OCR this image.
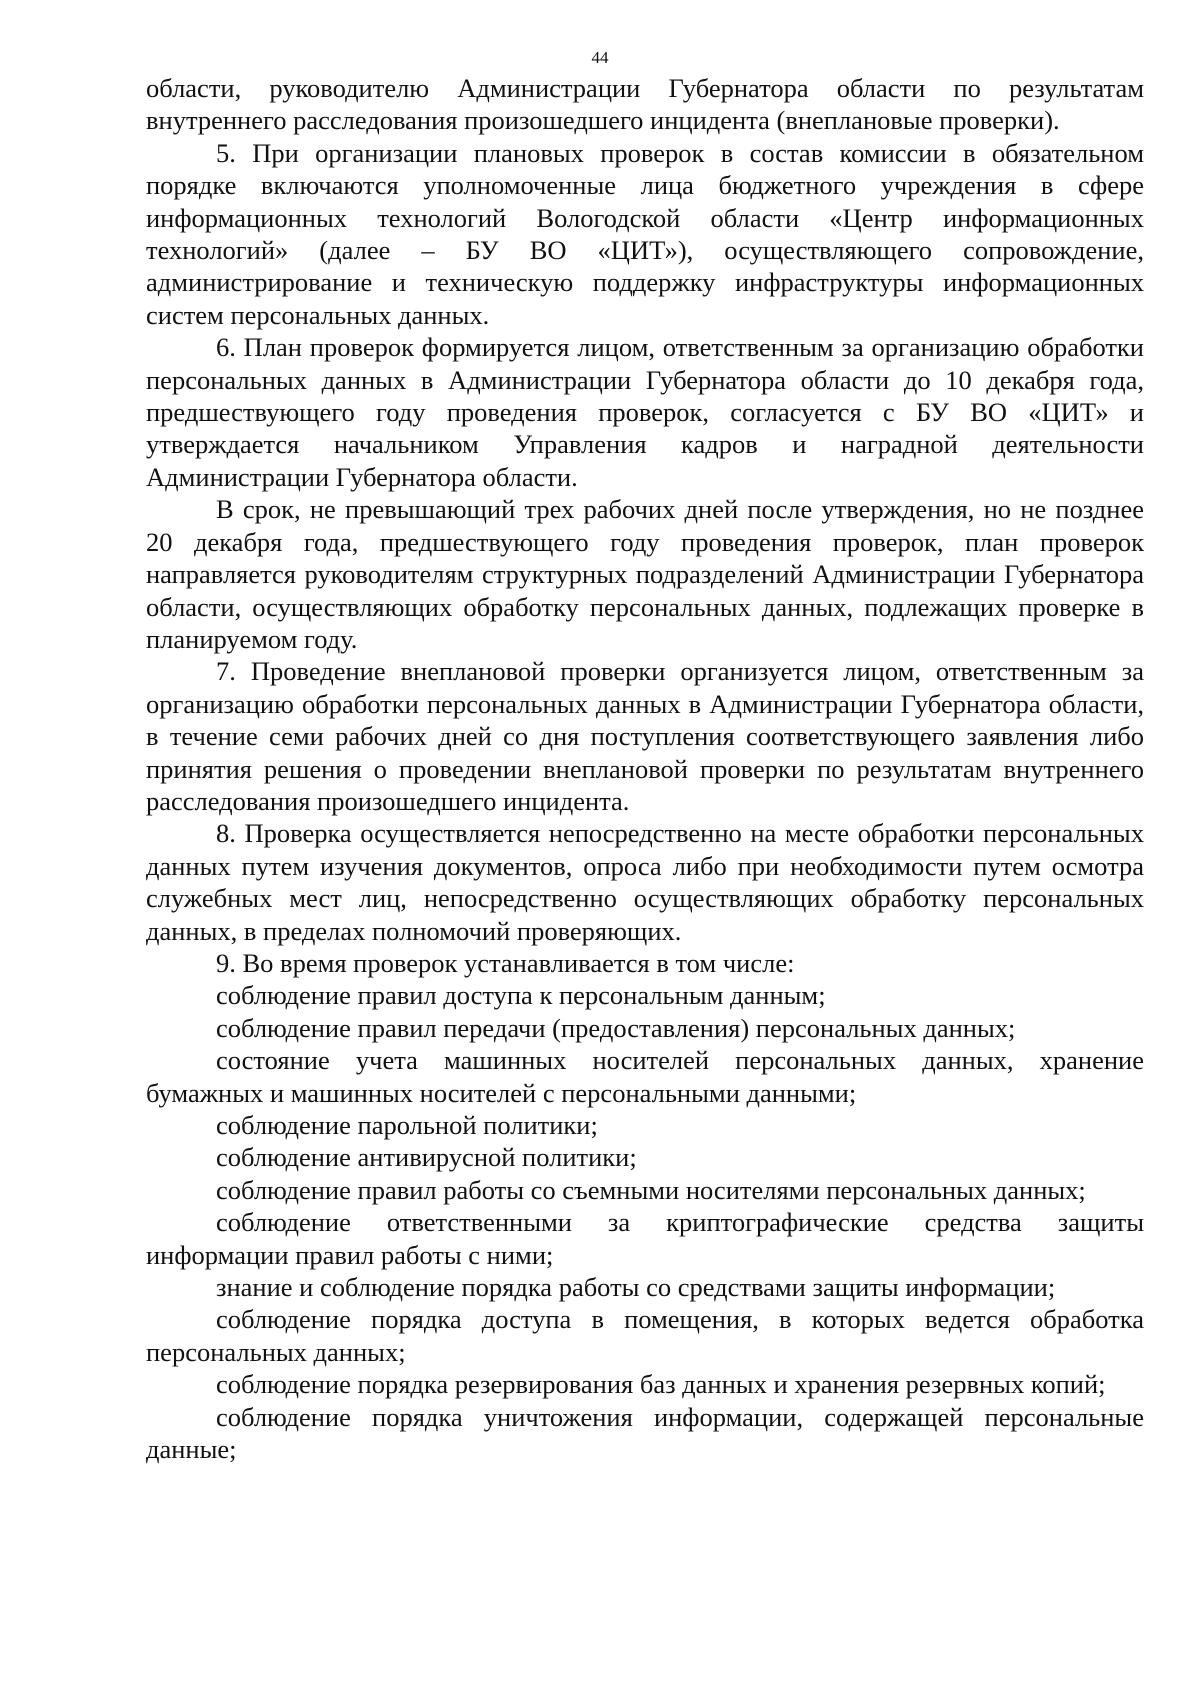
44

области, руководителю Администрации Губернатора области по результатам внутреннего расследования произошедшего инцидента (внеплановые проверки).

5. При организации плановых проверок в состав комиссии в обязательном порядке включаются уполномоченные лица бюджетного учреждения в сфере информационных технологий Вологодской области «Центр информационных технологий» (далее – БУ ВО «ЦИТ»), осуществляющего сопровождение, администрирование и техническую поддержку инфраструктуры информационных систем персональных данных.

6. План проверок формируется лицом, ответственным за организацию обработки персональных данных в Администрации Губернатора области до 10 декабря года, предшествующего году проведения проверок, согласуется с БУ ВО «ЦИТ» и утверждается начальником Управления кадров и наградной деятельности Администрации Губернатора области.

В срок, не превышающий трех рабочих дней после утверждения, но не позднее 20 декабря года, предшествующего году проведения проверок, план проверок направляется руководителям структурных подразделений Администрации Губернатора области, осуществляющих обработку персональных данных, подлежащих проверке в планируемом году.

7. Проведение внеплановой проверки организуется лицом, ответственным за организацию обработки персональных данных в Администрации Губернатора области, в течение семи рабочих дней со дня поступления соответствующего заявления либо принятия решения о проведении внеплановой проверки по результатам внутреннего расследования произошедшего инцидента.

8. Проверка осуществляется непосредственно на месте обработки персональных данных путем изучения документов, опроса либо при необходимости путем осмотра служебных мест лиц, непосредственно осуществляющих обработку персональных данных, в пределах полномочий проверяющих.

9. Во время проверок устанавливается в том числе:

соблюдение правил доступа к персональным данным;

соблюдение правил передачи (предоставления) персональных данных;

состояние учета машинных носителей персональных данных, хранение бумажных и машинных носителей с персональными данными;

соблюдение парольной политики;

соблюдение антивирусной политики;

соблюдение правил работы со съемными носителями персональных данных;

соблюдение ответственными за криптографические средства защиты информации правил работы с ними;

знание и соблюдение порядка работы со средствами защиты информации;

соблюдение порядка доступа в помещения, в которых ведется обработка персональных данных;

соблюдение порядка резервирования баз данных и хранения резервных копий;

соблюдение порядка уничтожения информации, содержащей персональные данные;
